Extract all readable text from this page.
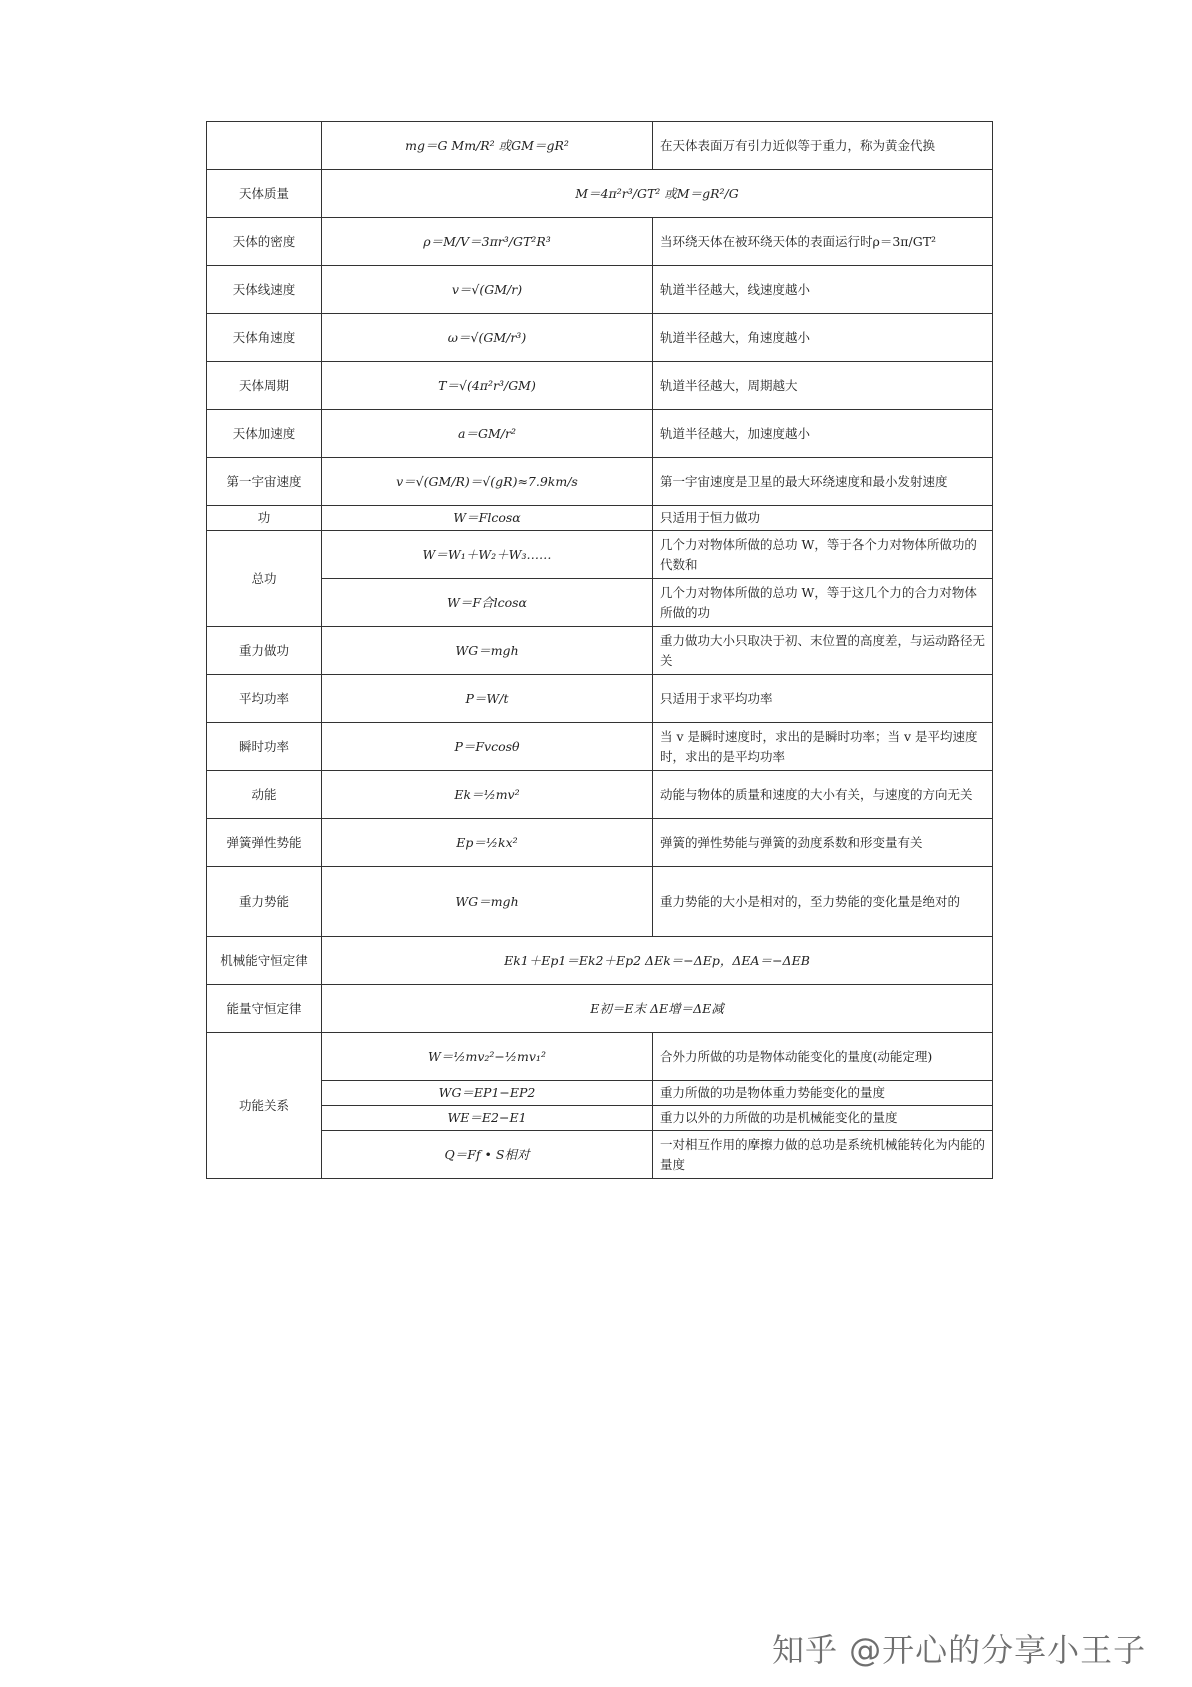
	mg＝G Mm/R² 或GM＝gR²	在天体表面万有引力近似等于重力，称为黄金代换
天体质量	M＝4π²r³/GT² 或M＝gR²/G	
天体的密度	ρ＝M/V＝3πr³/GT²R³	当环绕天体在被环绕天体的表面运行时ρ＝3π/GT²
天体线速度	v＝√(GM/r)	轨道半径越大，线速度越小
天体角速度	ω＝√(GM/r³)	轨道半径越大，角速度越小
天体周期	T＝√(4π²r³/GM)	轨道半径越大，周期越大
天体加速度	a＝GM/r²	轨道半径越大，加速度越小
第一宇宙速度	v＝√(GM/R)＝√(gR)≈7.9km/s	第一宇宙速度是卫星的最大环绕速度和最小发射速度
功	W＝Flcosα	只适用于恒力做功
总功	W＝W₁＋W₂＋W₃……	几个力对物体所做的总功 W，等于各个力对物体所做功的代数和
	W＝F合lcosα	几个力对物体所做的总功 W，等于这几个力的合力对物体所做的功
重力做功	WG＝mgh	重力做功大小只取决于初、末位置的高度差，与运动路径无关
平均功率	P＝W/t	只适用于求平均功率
瞬时功率	P＝Fvcosθ	当 v 是瞬时速度时，求出的是瞬时功率；当 v 是平均速度时，求出的是平均功率
动能	Ek＝½mv²	动能与物体的质量和速度的大小有关，与速度的方向无关
弹簧弹性势能	Ep＝½kx²	弹簧的弹性势能与弹簧的劲度系数和形变量有关
重力势能	WG＝mgh	重力势能的大小是相对的，至力势能的变化量是绝对的
机械能守恒定律	Ek1＋Ep1＝Ek2＋Ep2 ΔEk＝−ΔEp，ΔEA＝−ΔEB	
能量守恒定律	E初＝E末 ΔE增＝ΔE减	
功能关系	W＝½mv₂²−½mv₁²	合外力所做的功是物体动能变化的量度(动能定理)
	WG＝EP1−EP2	重力所做的功是物体重力势能变化的量度
	WE＝E2−E1	重力以外的力所做的功是机械能变化的量度
	Q＝Ff • S相对	一对相互作用的摩擦力做的总功是系统机械能转化为内能的量度
知乎 @开心的分享小王子
